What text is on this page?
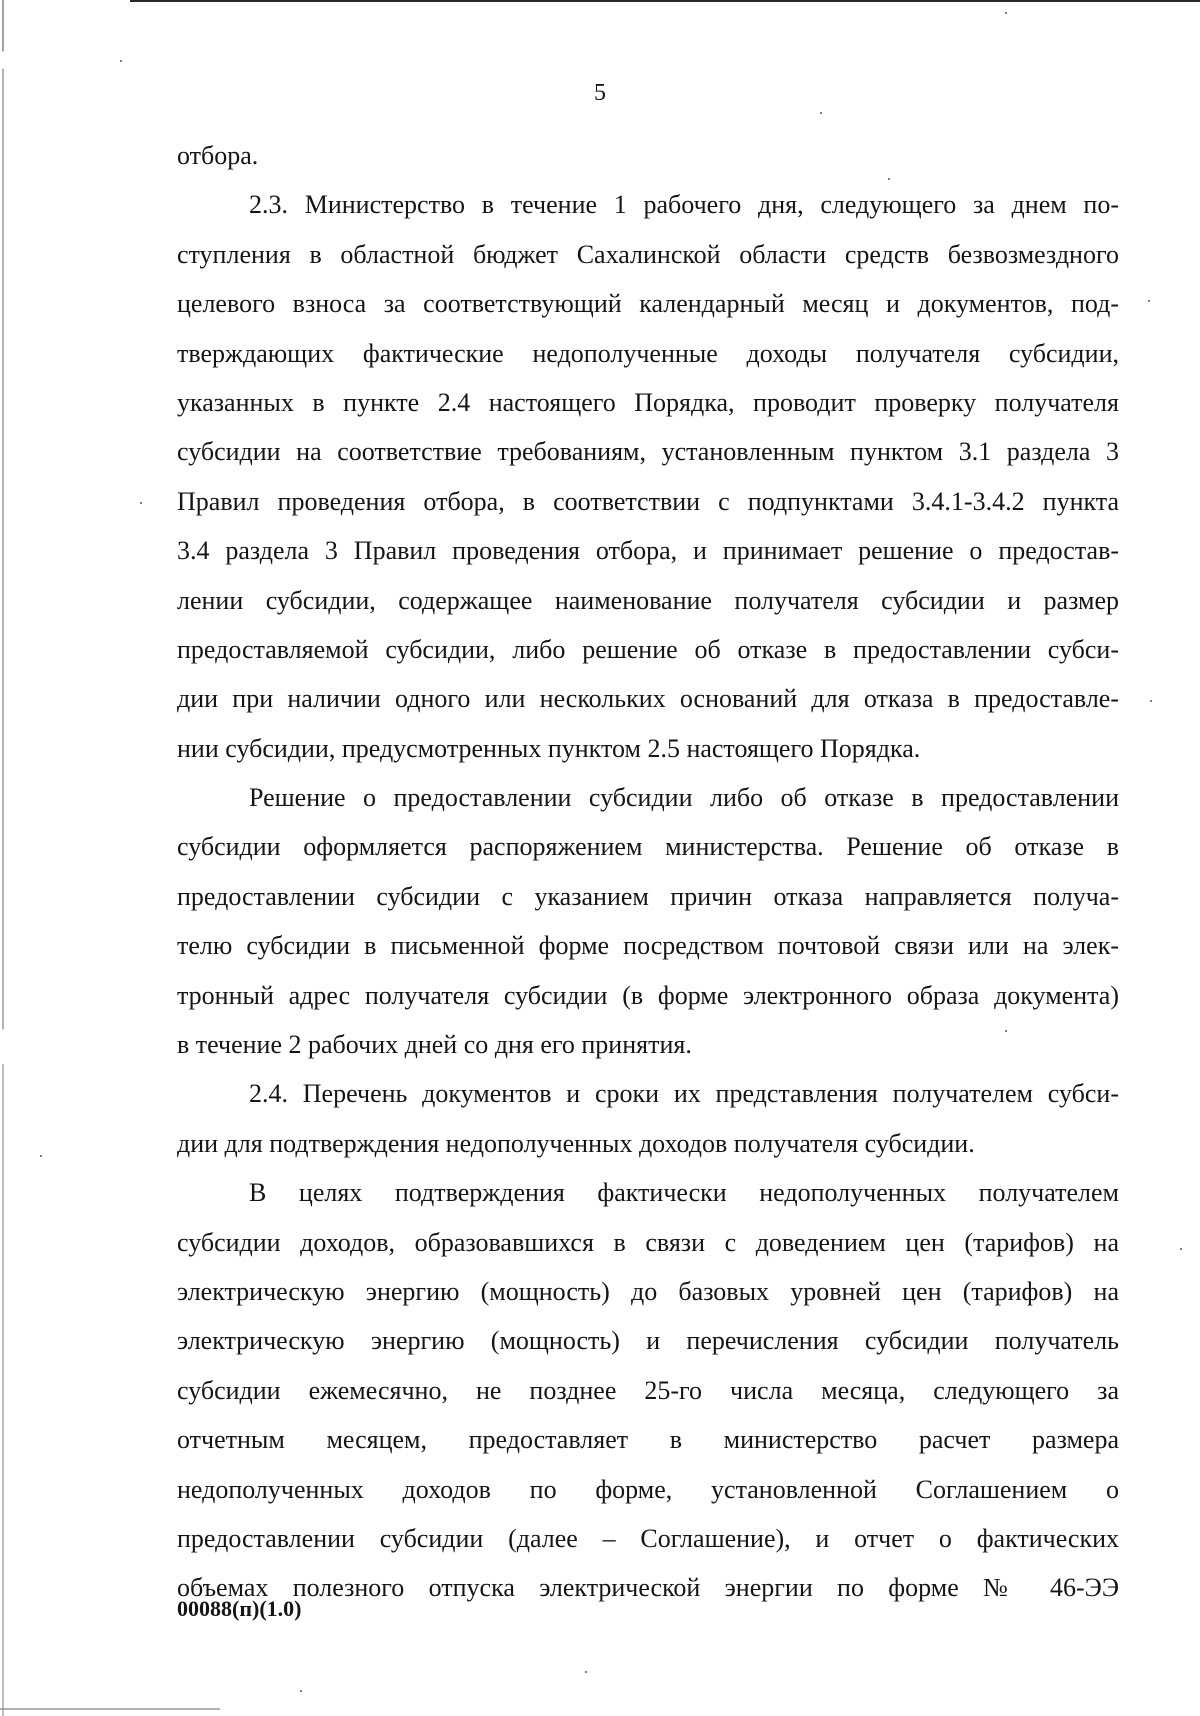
5
отбора.
2.3. Министерство в течение 1 рабочего дня, следующего за днем по-
ступления в областной бюджет Сахалинской области средств безвозмездного
целевого взноса за соответствующий календарный месяц и документов, под-
тверждающих фактические недополученные доходы получателя субсидии,
указанных в пункте 2.4 настоящего Порядка, проводит проверку получателя
субсидии на соответствие требованиям, установленным пунктом 3.1 раздела 3
Правил проведения отбора, в соответствии с подпунктами 3.4.1-3.4.2 пункта
3.4 раздела 3 Правил проведения отбора, и принимает решение о предостав-
лении субсидии, содержащее наименование получателя субсидии и размер
предоставляемой субсидии, либо решение об отказе в предоставлении субси-
дии при наличии одного или нескольких оснований для отказа в предоставле-
нии субсидии, предусмотренных пунктом 2.5 настоящего Порядка.
Решение о предоставлении субсидии либо об отказе в предоставлении
субсидии оформляется распоряжением министерства. Решение об отказе в
предоставлении субсидии с указанием причин отказа направляется получа-
телю субсидии в письменной форме посредством почтовой связи или на элек-
тронный адрес получателя субсидии (в форме электронного образа документа)
в течение 2 рабочих дней со дня его принятия.
2.4. Перечень документов и сроки их представления получателем субси-
дии для подтверждения недополученных доходов получателя субсидии.
В целях подтверждения фактически недополученных получателем
субсидии доходов, образовавшихся в связи с доведением цен (тарифов) на
электрическую энергию (мощность) до базовых уровней цен (тарифов) на
электрическую энергию (мощность) и перечисления субсидии получатель
субсидии ежемесячно, не позднее 25-го числа месяца, следующего за
отчетным месяцем, предоставляет в министерство расчет размера
недополученных доходов по форме, установленной Соглашением о
предоставлении субсидии (далее – Соглашение), и отчет о фактических
объемах полезного отпуска электрической энергии по форме № 46-ЭЭ
00088(п)(1.0)
